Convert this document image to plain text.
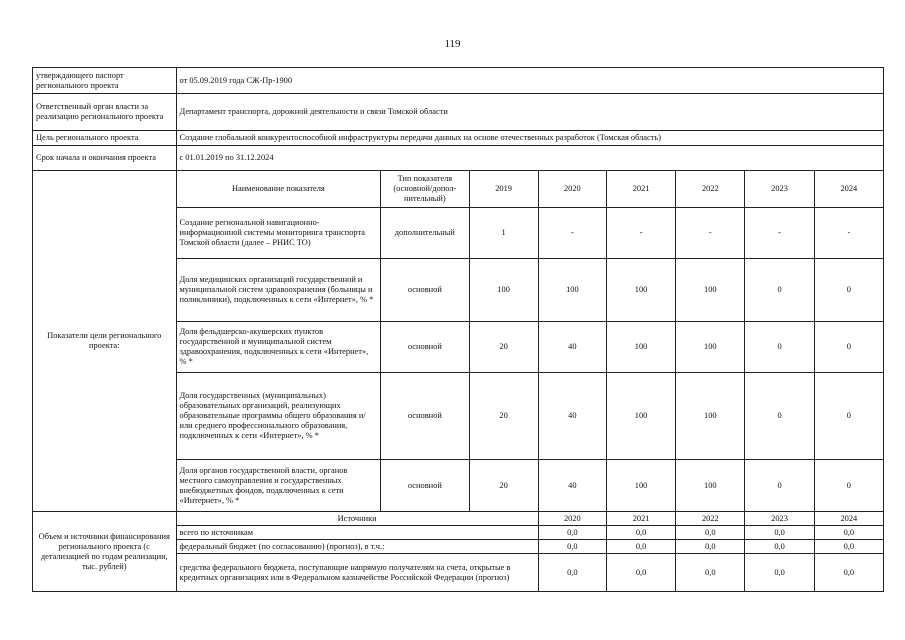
119
утверждающего паспорт регионального проекта	от 05.09.2019 года СЖ-Пр-1900							
Ответственный орган власти за реализацию регионального проекта	Департамент транспорта, дорожной деятельности и связи Томской области							
Цель регионального проекта	Создание глобальной конкурентоспособной инфраструктуры передачи данных на основе отечественных разработок (Томская область)							
Срок начала и окончания проекта	с 01.01.2019 по 31.12.2024							
Показатели цели регионального проекта:	Наименование показателя	Тип показателя (основной/допол-нительный)	2019	2020	2021	2022	2023	2024
	Создание региональной навигационно-информационной системы мониторинга транспорта Томской области (далее – РНИС ТО)	дополнительный	1	-	-	-	-	-
	Доля медицинских организаций государственной и муниципальной систем здравоохранения (больницы и поликлиники), подключенных к сети «Интернет», % *	основной	100	100	100	100	0	0
	Доля фельдшерско-акушерских пунктов государственной и муниципальной систем здравоохранения, подключенных к сети «Интернет», % *	основной	20	40	100	100	0	0
	Доля государственных (муниципальных) образовательных организаций, реализующих образовательные программы общего образования и/или среднего профессионального образования, подключенных к сети «Интернет», % *	основной	20	40	100	100	0	0
	Доля органов государственной власти, органов местного самоуправления и государственных внебюджетных фондов, подключенных к сети «Интернет», % *	основной	20	40	100	100	0	0
Объем и источники финансирования регионального проекта (с детализацией по годам реализации, тыс. рублей)	Источники			2020	2021	2022	2023	2024
	всего по источникам			0,0	0,0	0,0	0,0	0,0
	федеральный бюджет (по согласованию) (прогноз), в т.ч.:			0,0	0,0	0,0	0,0	0,0
	средства федерального бюджета, поступающие напрямую получателям на счета, открытые в кредитных организациях или в Федеральном казначействе Российской Федерации (прогноз)			0,0	0,0	0,0	0,0	0,0
